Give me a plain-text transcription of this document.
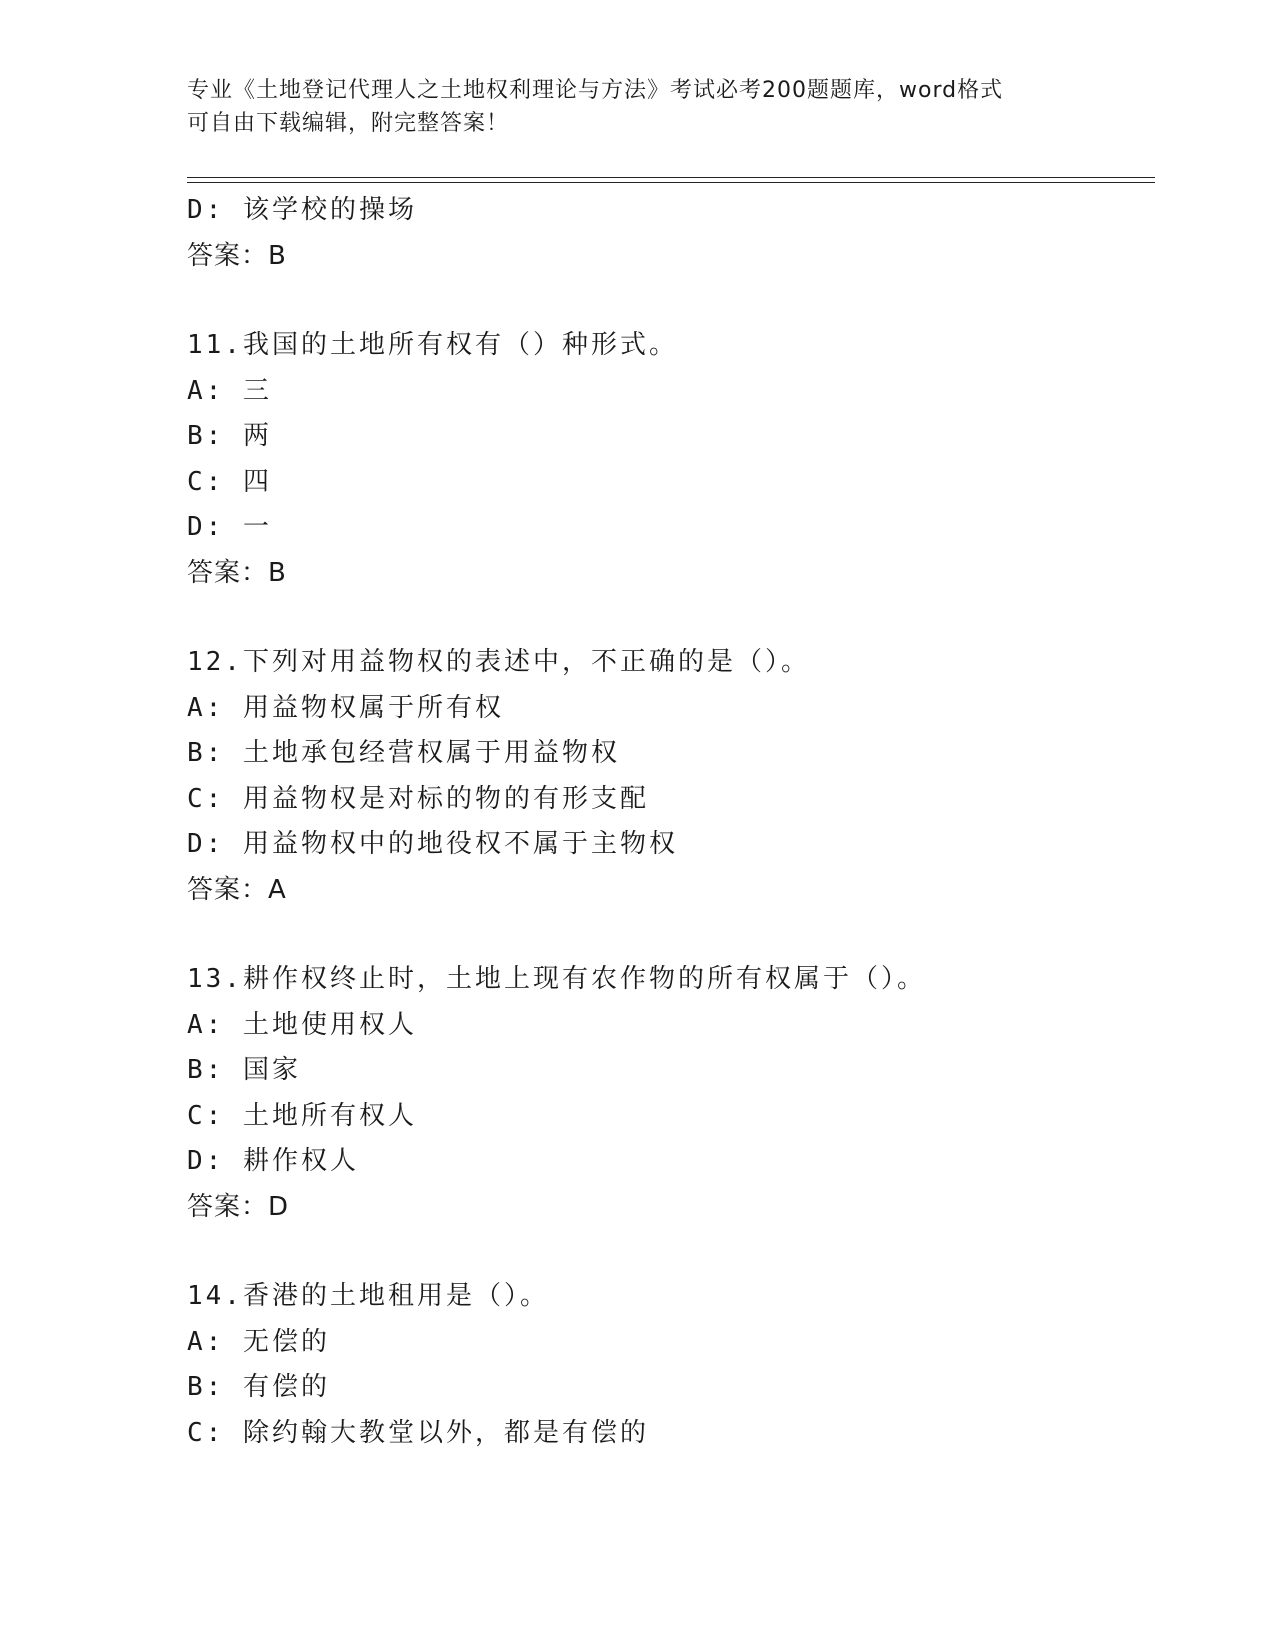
专业《土地登记代理人之土地权利理论与方法》考试必考200题题库，word格式
可自由下载编辑，附完整答案！
D: 该学校的操场
答案：B
11.我国的土地所有权有（）种形式。
A: 三
B: 两
C: 四
D: 一
答案：B
12.下列对用益物权的表述中，不正确的是（）。
A: 用益物权属于所有权
B: 土地承包经营权属于用益物权
C: 用益物权是对标的物的有形支配
D: 用益物权中的地役权不属于主物权
答案：A
13.耕作权终止时，土地上现有农作物的所有权属于（）。
A: 土地使用权人
B: 国家
C: 土地所有权人
D: 耕作权人
答案：D
14.香港的土地租用是（）。
A: 无偿的
B: 有偿的
C: 除约翰大教堂以外，都是有偿的
